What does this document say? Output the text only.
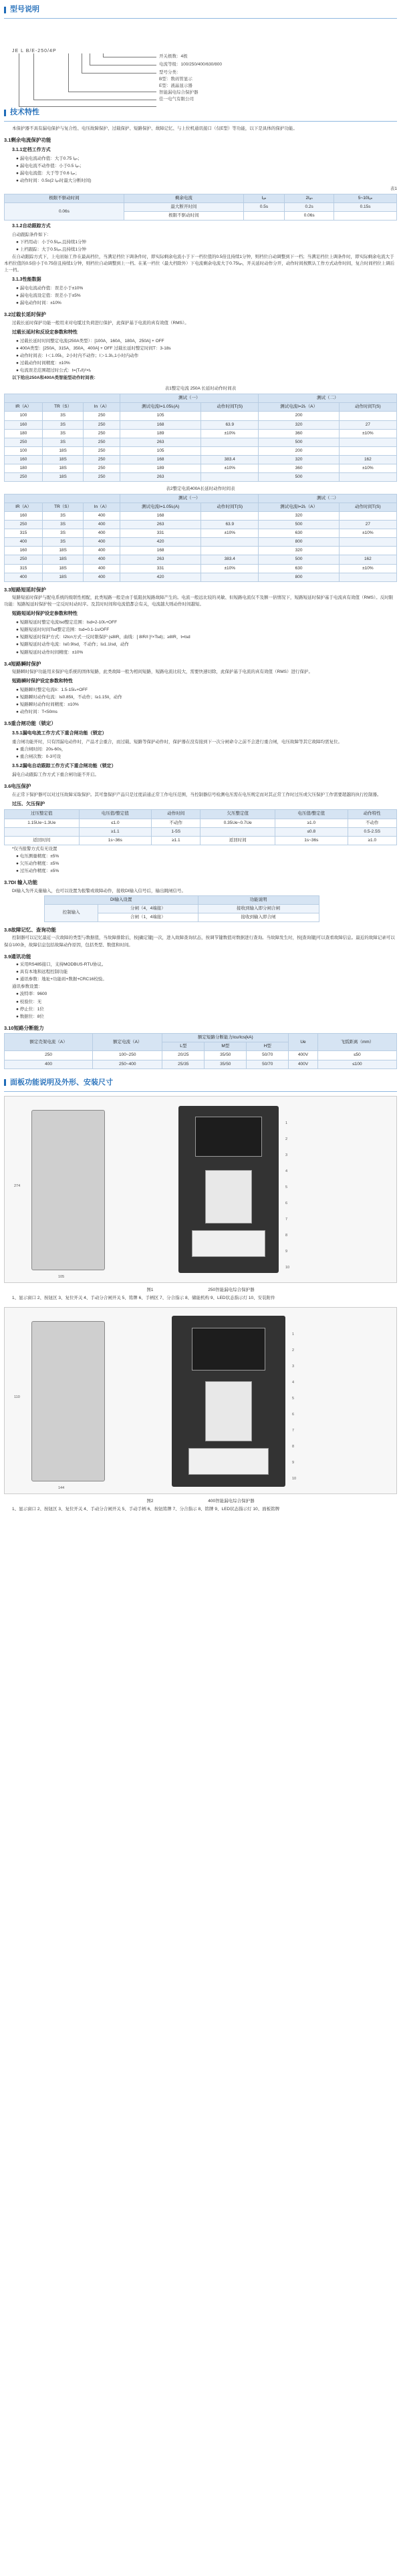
型号说明
JE L B/E-250/4P
开关极数：4极
电流等级：100/250/400/630/800
型号分类：
B型：数码管显示
E型：液晶显示器
智能漏电综合保护器
佳一电气有限公司
技术特性

本保护器不具有漏电保护与复合性、电压故障保护、过载保护、短路保护、故障记忆、与上位机通讯接口（仅E型）等功能，以下是具体的保护功能。

3.1剩余电流保护功能
3.1.1定档工作方式

● 漏电电流动作值：大于0.75 Iₐₙ；

● 漏电电流不动作值：小于0.5 Iₐₙ；

● 漏电电流值：大于等于0.6 Iₐₙ；

● 动作时间：0.5s(2 Iₐₙ时最大分断时间)

表1
极限不驱动时间	剩余电流	Iₐₙ	2Iₐₙ	5~10Iₐₙ
0.06s	最大断开时间	0.5s	0.2s	0.15s
	极限不驱动时间		0.06s	
3.1.2自动跟踪方式

自动跟踪条件如下：

● 下档用动：小于0.5Iₐₙ,且持续1分钟

● 上档跟踪：大于0.5Iₐₙ,且持续1分钟

在自动跟踪方式下，上电初始工作在最高档位，当满足档位下调条件时，即实际剩余电流小于下一档位值的0.5倍且持续1分钟，则档位自动调整到下一档；当满足档位上调条件时，即实际剩余电流大于本档位值的0.5倍小于0.75倍且持续1分钟，则档位自动调整到上一档。在某一档位（最大档除外）下电流剩余电流大于0.75Iₐₙ，开关延时动作分开，动作时间按默认工作方式动作时间，复合时间档位上调后上一档。

3.1.3性能数据

● 漏电电流动作值：误差小于±10%

● 漏电电流设定值：误差小于±5%

● 漏电动作时间：±10%

3.2过载长延时保护

过载长延时保护功能一般用来对电缆过负荷进行保护，此保护基于电流的真有效值（RMS）。

过载长延时和反设定参数和特性

● 过载长延时时间整定电流(250A类型）：[100A，160A，180A，250A] + OFF

● 400A类型：[250A，315A，350A，400A] + OFF 过载长延时整定时间T：3-18s

● 动作时间表：I＜1.05Iᵣ，2小时内不动作；I＞1.3Iᵣ,1小时内动作

● 过载动作时间精度：±10%

● 电流误差范围超过时公式：t=(Tᵣ/I)²×tᵣ

以下给出250A和400A类智能型动作时间表：

表1整定电流 250A 长延时动作时间表
			测试（一）		测试（二）	
IR（A）	TR（S）	In（A）	测试电流I=1.05Iᵣ(A)	动作时间T(S)	测试电流I=2Iᵣ（A）	动作时间T(S)
100	3S	250	105		200	
160	3S	250	168	63.9	320	27
180	3S	250	189	±10%	360	±10%
250	3S	250	263		500	
100	18S	250	105		200	
160	18S	250	168	383.4	320	162
180	18S	250	189	±10%	360	±10%
250	18S	250	263		500	
表2整定电流400A长延时动作时间表
			测试（一）		测试（二）	
IR（A）	TR（S）	In（A）	测试电流I=1.05Iᵣ(A)	动作时间T(S)	测试电流I=2Iᵣ（A）	动作时间T(S)
160	3S	400	168		320	
250	3S	400	263	63.9	500	27
315	3S	400	331	±10%	630	±10%
400	3S	400	420		800	
160	18S	400	168		320	
250	18S	400	263	383.4	500	162
315	18S	400	331	±10%	630	±10%
400	18S	400	420		800	
3.3短路短延时保护

短路短延时保护与配电系统的级联性相配，此类短路一般是由于低阻抗短路故障产生的。电流一般远比较的灵敏、但短路电流仅不及额一倍情况下，短路短延时保护基于电流真有效值（RMS）。反时限功能：短路短延时保护按一定反时时动时序。及其时时间和电流值都会有关，电流越大则动作时间越短。

短路短延时保护设定参数和特性

● 短路短延时整定电流Isd整定范围：Isd=2-10Iᵣ+OFF

● 短路短延时时间Tsd整定范围：tsd=0.1-1s/OFF

● 短路短延时保护方式：I2tcn方式一反时限保护 (≤8IR，曲线：[ 8IR/I ]²×Tsd)；≥8IR，t=tsd

● 短路短延时动作电流：I≤0.9Isd，不动作；I≥1.1Isd，动作

● 短路短延时动作时间精度：±10%

3.4短路瞬时保护

短路瞬时保护功能用来保护电系统的固体短路，此类故障一般为相间短路，短路电流比较大，需要快速切除，此保护基于电流的真有效值（RMS）进行保护。

短路瞬时保护设定参数和特性

● 短路瞬时整定电流Ii：1.5-15Iₙ+OFF

● 短路瞬时动作电流：I≤0.85Ii，不动作；I≥1.15Ii，动作

● 短路瞬时动作时间精度：±10%

● 动作时间：T<50ms

3.5重合闸功能（锁定）
3.5.1漏电电流工作方式下重合闸功能（锁定）

重合闸功能开时，只有因漏电动作时，产品才会重合，而过载、短路等保护动作时，保护器在没有接到下一次分闸命令之前不会进行重合闸，电压故障等其它故障均需复位。

● 重合闸时间：20s-60s，

● 重合闸次数：0-3可设

3.5.2漏电自动跟踪工作方式下重合闸功能（锁定）

漏电自动跟踪工作方式下重合闸功能不开启。

3.6电压保护

在正常下保护器可以对过压故障采取保护。其可靠保护产品只是过度前通正常工作电压范围，当控制器信号检测电压需在电压规定而对其正常工作时过压或欠压保护工作需要超越的执行控制器。

过压、欠压保护
过压整定值	电压值/整定值	动作时间	欠压整定值	电压值/整定值	动作特性
1.15Ue~1.3Ue	≤1.0	不动作	0.35Ue~0.7Ue	≥1.0	不动作
	≥1.1	1-5S		≤0.8	0.5-2.5S
返回时间	1s~36s	≥1.1	返回时间	1s~36s	≥1.0

*仅当报警方式有无设置

● 电压测量精度：±5%

● 欠压动作精度：±5%

● 过压动作精度：±5%

3.7DI 输入功能

DI输入为开关量输入，也可以设置为报警或故障动作，接收DI输入信号后，输出跳闸信号。

DI输入设置		功能说明
控制输入	分闸（4，4端接）	接收到输入即分闸合闸
	合闸（1，4端接）	接收到输入即合闸
3.8故障记忆、查询功能

控制器可以记忆最近一次故障的类型与数据值，当故障排除后，按[确定键]一次，进入故障查询状态，按调节键数值对数据进行查询。当故障发生时，按[查询键]可以查看故障信息。最近的故障记录可以保存100条，故障信息包括故障动作原因，包括类型、数值和时间。

3.9通讯功能

● 采用RS485接口，支持MODBUS-RTU协议。

● 具有本地和远程控制功能

● 通讯参数：地址+功能码+数据+CRC16校验。

通讯参数设置：

● 波特率：9600

● 校验位：无

● 停止位：1位

● 数据位：8位

3.10短路分断能力
额定壳架电流（A）	额定电流（A）	额定短路分断能力Icu/Ics(kA)			Ue	飞弧距离（mm）
		L型	M型	H型		
250	100~250	20/25	35/50	50/70	400V	≤50
400	250~400	25/35	35/50	50/70	400V	≤100
面板功能说明及外形、安装尺寸
1
2
3
4
5
6
7
8
9
10
274
105
图1	250智能漏电综合保护器

1、显示窗口 2、按钮区 3、复位开关 4、手动分合闸开关 5、铭牌 6、手柄区 7、分合指示 8、储能机构 9、LED状态指示灯 10、安装附件

1
2
3
4
5
6
7
8
9
10
110
144
图2	400智能漏电综合保护器

1、显示窗口 2、按钮区 3、复位开关 4、手动分合闸开关 5、手动手柄 6、按钮铭牌 7、分合指示 8、铭牌 9、LED状态指示灯 10、面板铭牌
